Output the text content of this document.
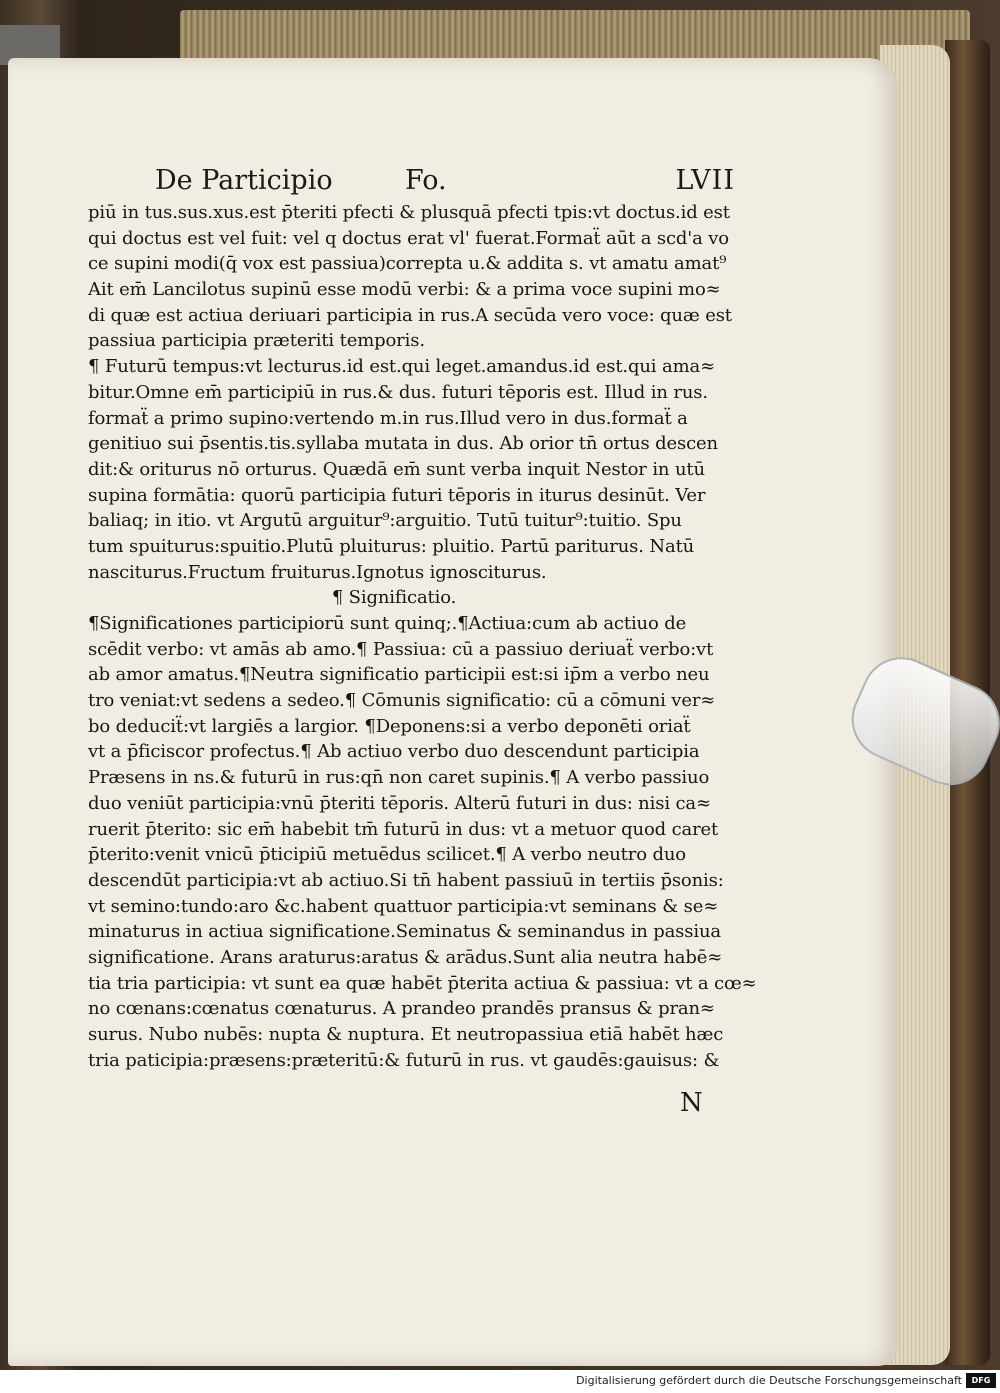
De Participio	Fo.	LVII
piū in tus.sus.xus.est p̄teriti pfecti & plusquā pfecti tpis:vt doctus.id est
qui doctus est vel fuit: vel q doctus erat vl' fuerat.Formaẗ aūt a scd'a vo
ce supini modi(q̄ vox est passiua)correpta u.& addita s. vt amatu amat⁹
Ait em̄ Lancilotus supinū esse modū verbi: & a prima voce supini mo≈
di quæ est actiua deriuari participia in rus.A secūda vero voce: quæ est
passiua participia præteriti temporis.
¶ Futurū tempus:vt lecturus.id est.qui leget.amandus.id est.qui ama≈
bitur.Omne em̄ participiū in rus.& dus. futuri tēporis est. Illud in rus.
formaẗ a primo supino:vertendo m.in rus.Illud vero in dus.formaẗ a
genitiuo sui p̄sentis.tis.syllaba mutata in dus. Ab orior tn̄ ortus descen
dit:& oriturus nō orturus. Quædā em̄ sunt verba inquit Nestor in utū
supina formātia: quorū participia futuri tēporis in iturus desinūt. Ver
baliaq; in itio. vt Argutū arguitur⁹:arguitio. Tutū tuitur⁹:tuitio. Spu
tum spuiturus:spuitio.Plutū pluiturus: pluitio. Partū pariturus. Natū
nasciturus.Fructum fruiturus.Ignotus ignosciturus.
¶ Significatio.
¶Significationes participiorū sunt quinq;.¶Actiua:cum ab actiuo de
scēdit verbo: vt amās ab amo.¶ Passiua: cū a passiuo deriuaẗ verbo:vt
ab amor amatus.¶Neutra significatio participii est:si ip̄m a verbo neu
tro veniat:vt sedens a sedeo.¶ Cōmunis significatio: cū a cōmuni ver≈
bo deduciẗ:vt largiēs a largior. ¶Deponens:si a verbo deponēti oriaẗ
vt a p̄ficiscor profectus.¶ Ab actiuo verbo duo descendunt participia
Præsens in ns.& futurū in rus:qn̄ non caret supinis.¶ A verbo passiuo
duo veniūt participia:vnū p̄teriti tēporis. Alterū futuri in dus: nisi ca≈
ruerit p̄terito: sic em̄ habebit tm̄ futurū in dus: vt a metuor quod caret
p̄terito:venit vnicū p̄ticipiū metuēdus scilicet.¶ A verbo neutro duo
descendūt participia:vt ab actiuo.Si tn̄ habent passiuū in tertiis p̄sonis:
vt semino:tundo:aro &c.habent quattuor participia:vt seminans & se≈
minaturus in actiua significatione.Seminatus & seminandus in passiua
significatione. Arans araturus:aratus & arādus.Sunt alia neutra habē≈
tia tria participia: vt sunt ea quæ habēt p̄terita actiua & passiua: vt a cœ≈
no cœnans:cœnatus cœnaturus. A prandeo prandēs pransus & pran≈
surus. Nubo nubēs: nupta & nuptura. Et neutropassiua etiā habēt hæc
tria paticipia:præsens:præteritū:& futurū in rus. vt gaudēs:gauisus: &
N
Digitalisierung gefördert durch die Deutsche Forschungsgemeinschaft	DFG
